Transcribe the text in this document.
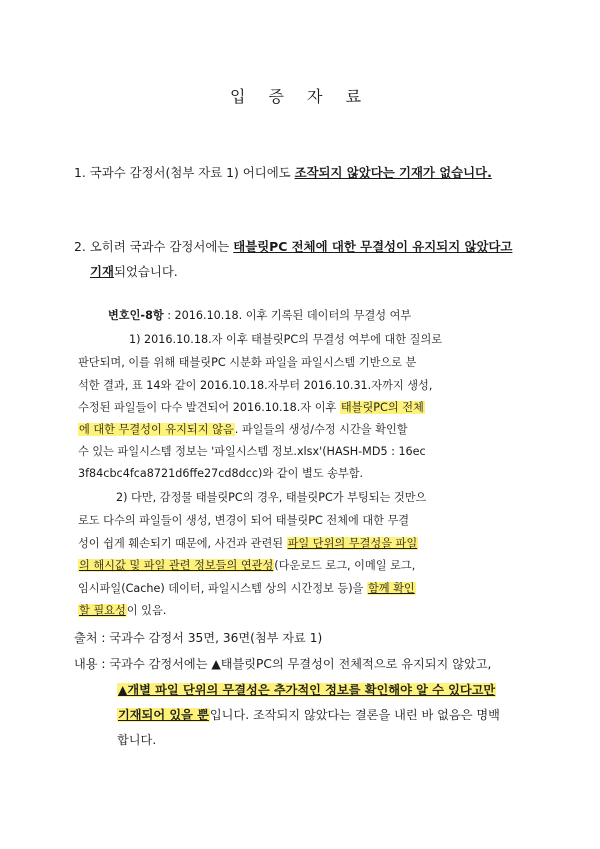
입 증 자 료
1. 국과수 감정서(첨부 자료 1) 어디에도 조작되지 않았다는 기재가 없습니다.
2. 오히려 국과수 감정서에는 태블릿PC 전체에 대한 무결성이 유지되지 않았다고
기재되었습니다.
변호인-8항 : 2016.10.18. 이후 기록된 데이터의 무결성 여부
1) 2016.10.18.자 이후 태블릿PC의 무결성 여부에 대한 질의로
판단되며, 이를 위해 태블릿PC 시분화 파일을 파일시스템 기반으로 분
석한 결과, 표 14와 같이 2016.10.18.자부터 2016.10.31.자까지 생성,
수정된 파일들이 다수 발견되어 2016.10.18.자 이후 태블릿PC의 전체
에 대한 무결성이 유지되지 않음. 파일들의 생성/수정 시간을 확인할
수 있는 파일시스템 정보는 '파일시스템 정보.xlsx'(HASH-MD5 : 16ec
3f84cbc4fca8721d6ffe27cd8dcc)와 같이 별도 송부함.
2) 다만, 감정물 태블릿PC의 경우, 태블릿PC가 부팅되는 것만으
로도 다수의 파일들이 생성, 변경이 되어 태블릿PC 전체에 대한 무결
성이 쉽게 훼손되기 때문에, 사건과 관련된 파일 단위의 무결성을 파일
의 해시값 및 파일 관련 정보들의 연관성(다운로드 로그, 이메일 로그,
임시파일(Cache) 데이터, 파일시스템 상의 시간정보 등)을 함께 확인
할 필요성이 있음.
출처 : 국과수 감정서 35면, 36면(첨부 자료 1)
내용 : 국과수 감정서에는 ▲태블릿PC의 무결성이 전체적으로 유지되지 않았고,
▲개별 파일 단위의 무결성은 추가적인 정보를 확인해야 알 수 있다고만
기재되어 있을 뿐입니다. 조작되지 않았다는 결론을 내린 바 없음은 명백
합니다.
